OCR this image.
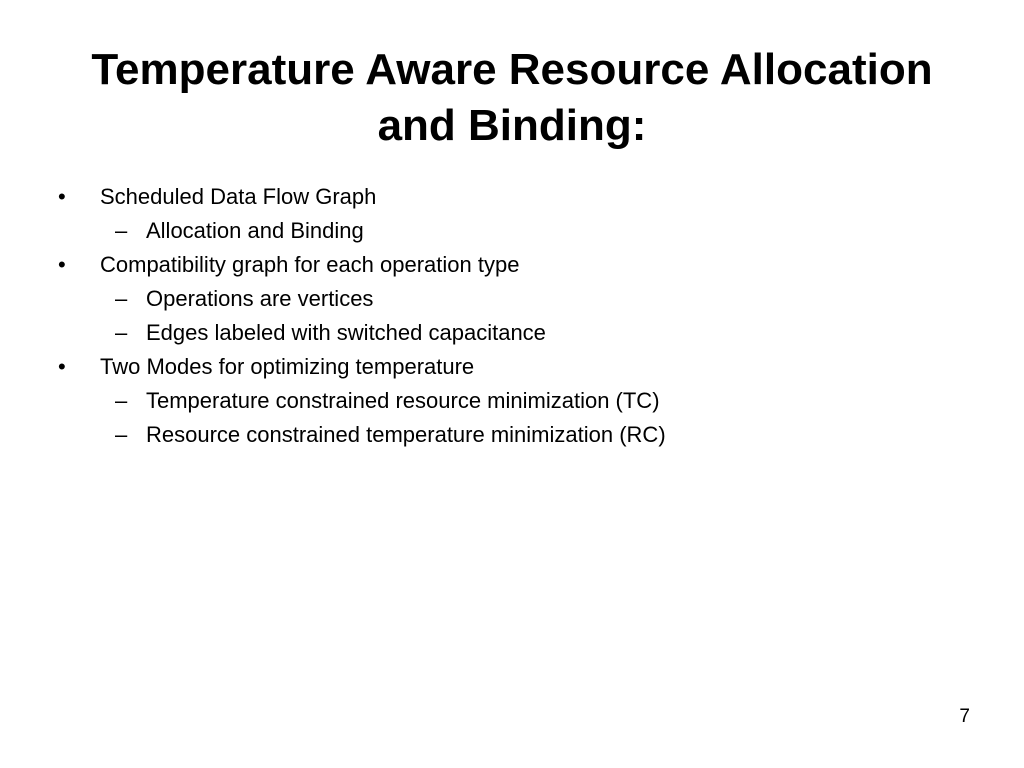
Temperature Aware Resource Allocation
and Binding:
• Scheduled Data Flow Graph
– Allocation and Binding
• Compatibility graph for each operation type
– Operations are vertices
– Edges labeled with switched capacitance
• Two Modes for optimizing temperature
– Temperature constrained resource minimization (TC)
– Resource constrained temperature minimization (RC)
7
